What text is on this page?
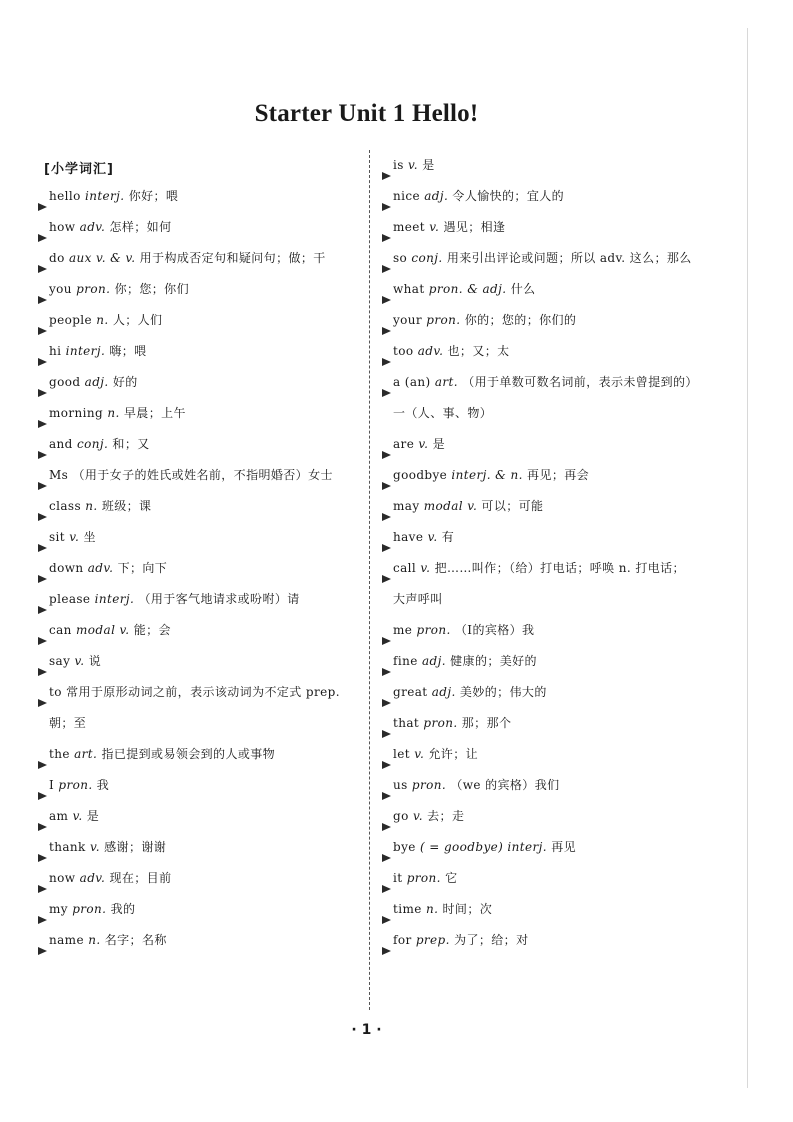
Starter Unit 1 Hello!

[小学词汇]

hello interj. 你好；喂
how adv. 怎样；如何
do aux v. & v. 用于构成否定句和疑问句；做；干
you pron. 你；您；你们
people n. 人；人们
hi interj. 嗨；喂
good adj. 好的
morning n. 早晨；上午
and conj. 和；又
Ms （用于女子的姓氏或姓名前，不指明婚否）女士
class n. 班级；课
sit v. 坐
down adv. 下；向下
please interj. （用于客气地请求或吩咐）请
can modal v. 能；会
say v. 说
to 常用于原形动词之前，表示该动词为不定式 prep. 朝；至
the art. 指已提到或易领会到的人或事物
I pron. 我
am v. 是
thank v. 感谢；谢谢
now adv. 现在；目前
my pron. 我的
name n. 名字；名称
is v. 是
nice adj. 令人愉快的；宜人的
meet v. 遇见；相逢
so conj. 用来引出评论或问题；所以 adv. 这么；那么
what pron. & adj. 什么
your pron. 你的；您的；你们的
too adv. 也；又；太
a (an) art. （用于单数可数名词前，表示未曾提到的）一（人、事、物）
are v. 是
goodbye interj. & n. 再见；再会
may modal v. 可以；可能
have v. 有
call v. 把……叫作；（给）打电话；呼唤 n. 打电话；大声呼叫
me pron. （I的宾格）我
fine adj. 健康的；美好的
great adj. 美妙的；伟大的
that pron. 那；那个
let v. 允许；让
us pron. （we 的宾格）我们
go v. 去；走
bye ( = goodbye) interj. 再见
it pron. 它
time n. 时间；次
for prep. 为了；给；对

· 1 ·
